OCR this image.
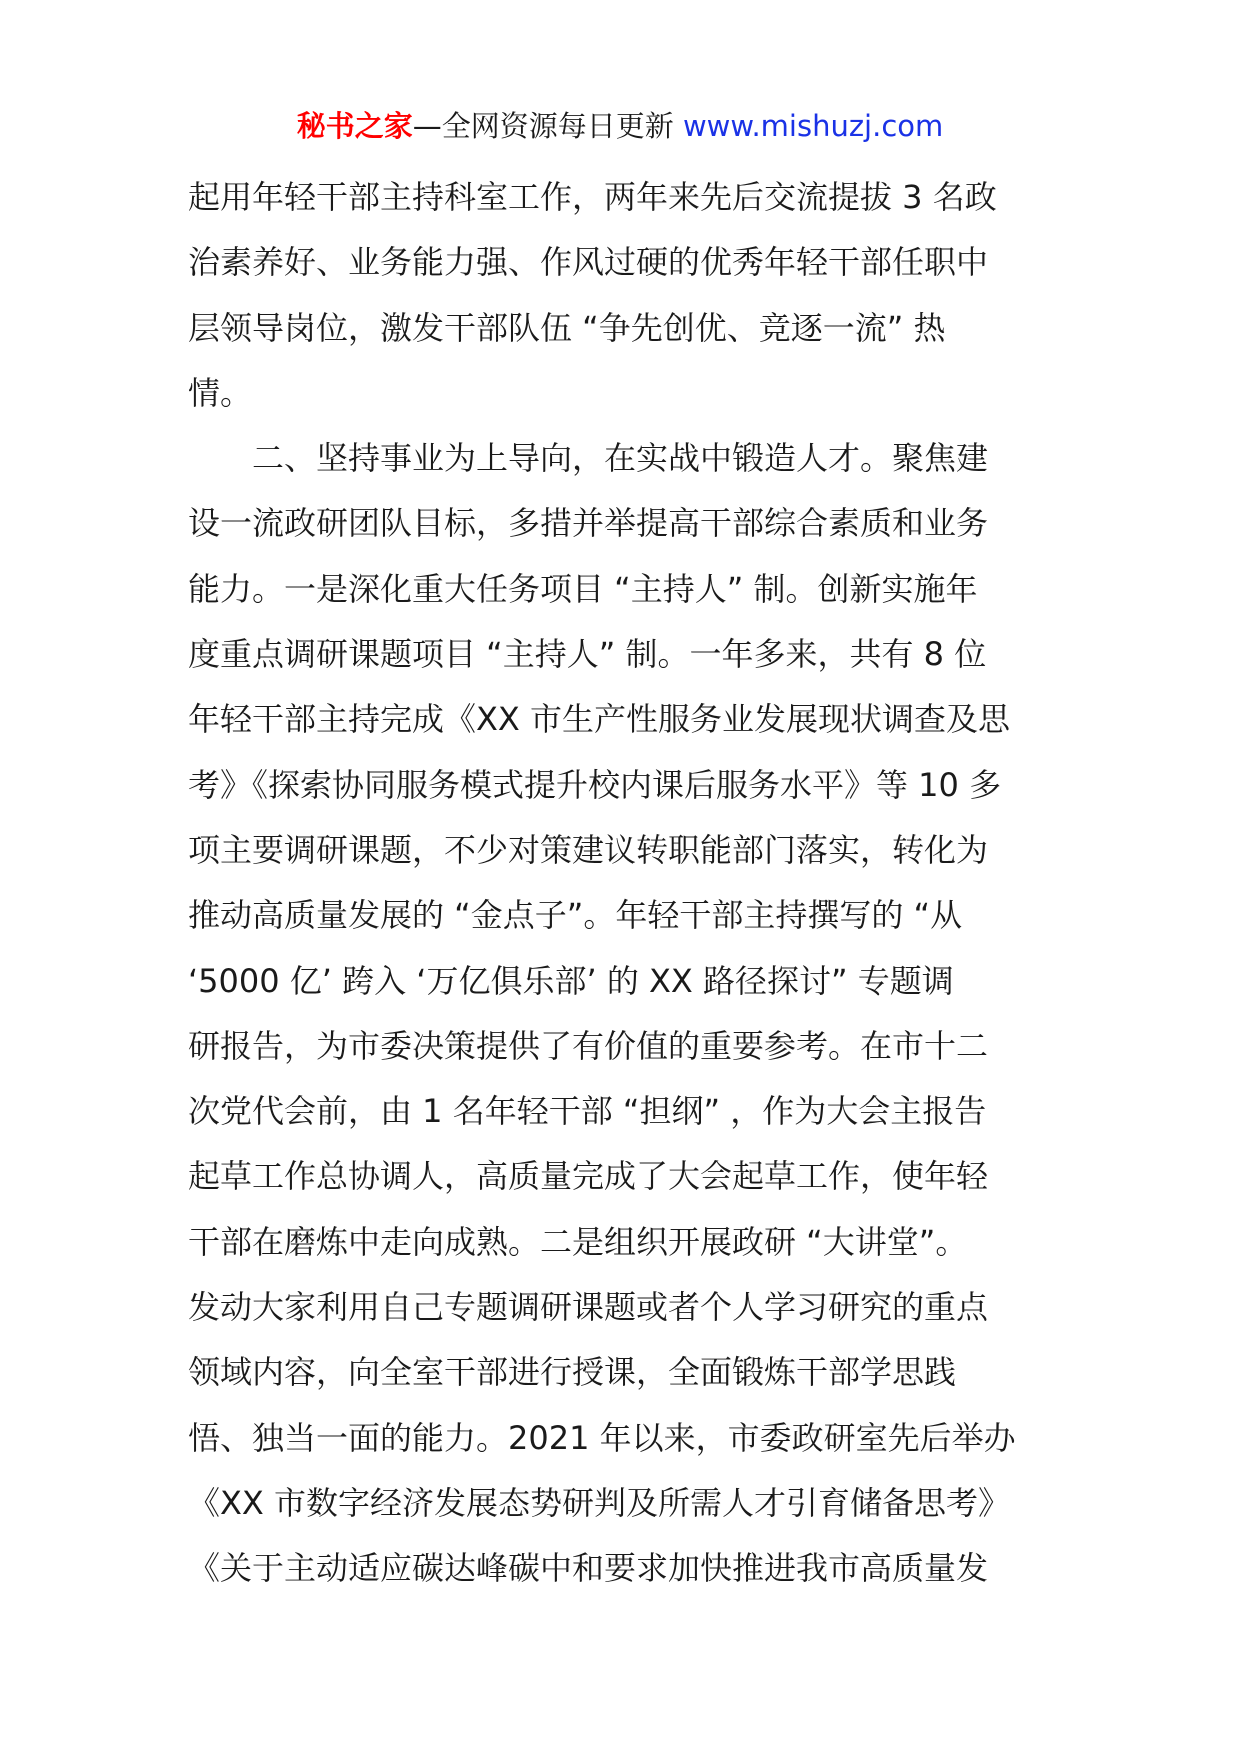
秘书之家—全网资源每日更新 www.mishuzj.com
起用年轻干部主持科室工作，两年来先后交流提拔 3 名政
治素养好、业务能力强、作风过硬的优秀年轻干部任职中
层领导岗位，激发干部队伍 “争先创优、竞逐一流” 热
情。
二、坚持事业为上导向，在实战中锻造人才。聚焦建
设一流政研团队目标，多措并举提高干部综合素质和业务
能力。一是深化重大任务项目 “主持人” 制。创新实施年
度重点调研课题项目 “主持人” 制。一年多来，共有 8 位
年轻干部主持完成《XX 市生产性服务业发展现状调查及思
考》《探索协同服务模式提升校内课后服务水平》等 10 多
项主要调研课题，不少对策建议转职能部门落实，转化为
推动高质量发展的 “金点子”。年轻干部主持撰写的 “从
‘5000 亿’ 跨入 ‘万亿俱乐部’ 的 XX 路径探讨” 专题调
研报告，为市委决策提供了有价值的重要参考。在市十二
次党代会前，由 1 名年轻干部 “担纲” ，作为大会主报告
起草工作总协调人，高质量完成了大会起草工作，使年轻
干部在磨炼中走向成熟。二是组织开展政研 “大讲堂”。
发动大家利用自己专题调研课题或者个人学习研究的重点
领域内容，向全室干部进行授课，全面锻炼干部学思践
悟、独当一面的能力。2021 年以来，市委政研室先后举办
《XX 市数字经济发展态势研判及所需人才引育储备思考》
《关于主动适应碳达峰碳中和要求加快推进我市高质量发
